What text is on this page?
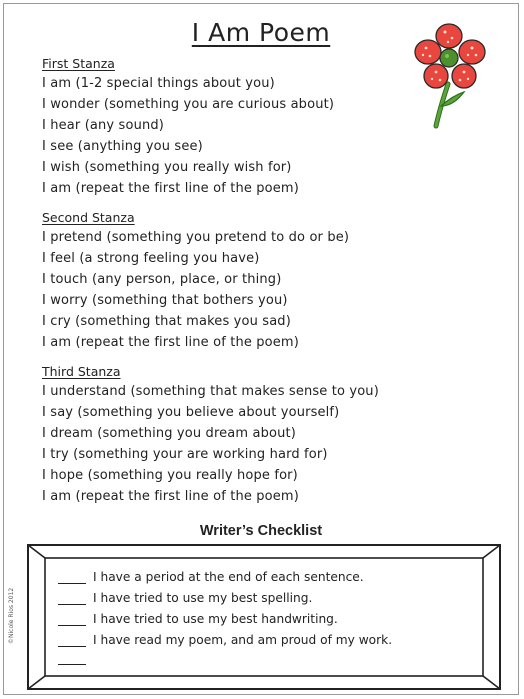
I Am Poem
First Stanza
I am (1-2 special things about you)
I wonder (something you are curious about)
I hear (any sound)
I see (anything you see)
I wish (something you really wish for)
I am (repeat the first line of the poem)
Second Stanza
I pretend (something you pretend to do or be)
I feel (a strong feeling you have)
I touch (any person, place, or thing)
I worry (something that bothers you)
I cry (something that makes you sad)
I am (repeat the first line of the poem)
Third Stanza
I understand (something that makes sense to you)
I say (something you believe about yourself)
I dream (something you dream about)
I try (something your are working hard for)
I hope (something you really hope for)
I am (repeat the first line of the poem)
Writer’s Checklist
I have a period at the end of each sentence.
I have tried to use my best spelling.
I have tried to use my best handwriting.
I have read my poem, and am proud of my work.
©Nicole Rios 2012
